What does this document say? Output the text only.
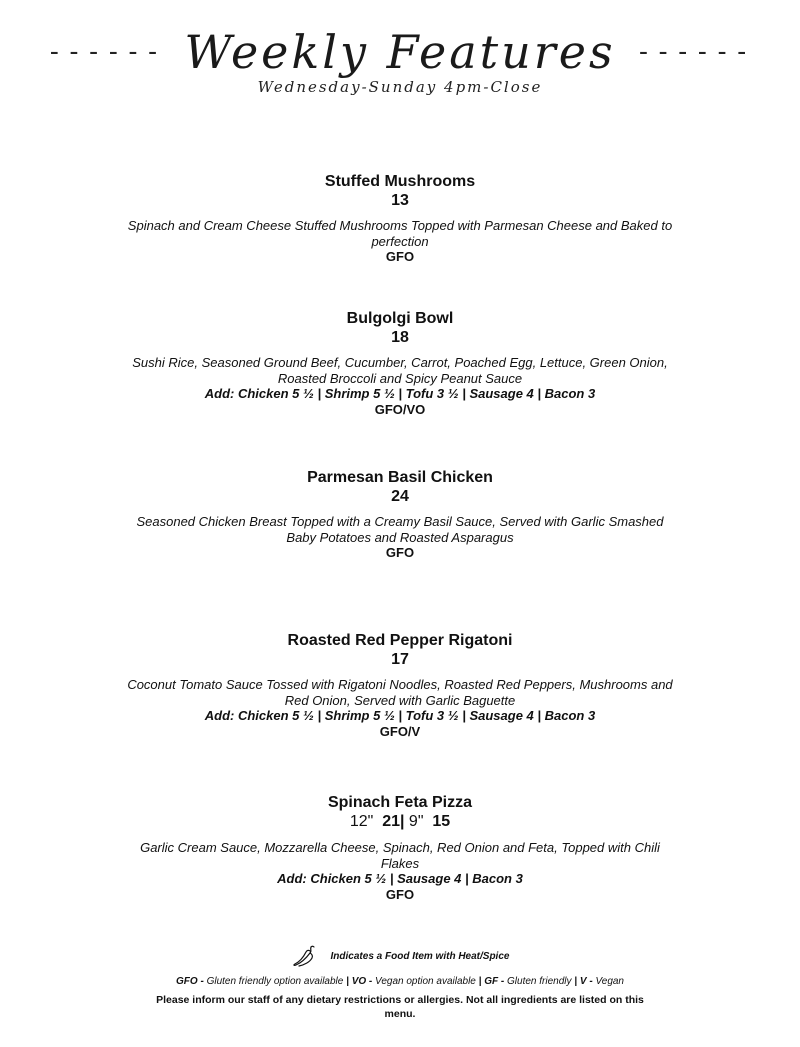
------ Weekly Features ------
Wednesday-Sunday 4pm-Close
Stuffed Mushrooms
13
Spinach and Cream Cheese Stuffed Mushrooms Topped with Parmesan Cheese and Baked to perfection
GFO
Bulgolgi Bowl
18
Sushi Rice, Seasoned Ground Beef, Cucumber, Carrot, Poached Egg, Lettuce, Green Onion, Roasted Broccoli and Spicy Peanut Sauce
Add: Chicken 5 ½ | Shrimp 5 ½ | Tofu 3 ½ | Sausage 4 | Bacon 3
GFO/VO
Parmesan Basil Chicken
24
Seasoned Chicken Breast Topped with a Creamy Basil Sauce, Served with Garlic Smashed Baby Potatoes and Roasted Asparagus
GFO
Roasted Red Pepper Rigatoni
17
Coconut Tomato Sauce Tossed with Rigatoni Noodles, Roasted Red Peppers, Mushrooms and Red Onion, Served with Garlic Baguette
Add: Chicken 5 ½ | Shrimp 5 ½ | Tofu 3 ½ | Sausage 4 | Bacon 3
GFO/V
Spinach Feta Pizza
12" 21| 9" 15
Garlic Cream Sauce, Mozzarella Cheese, Spinach, Red Onion and Feta, Topped with Chili Flakes
Add: Chicken 5 ½ | Sausage 4 | Bacon 3
GFO
Indicates a Food Item with Heat/Spice
GFO - Gluten friendly option available | VO - Vegan option available | GF - Gluten friendly | V - Vegan
Please inform our staff of any dietary restrictions or allergies. Not all ingredients are listed on this menu.
